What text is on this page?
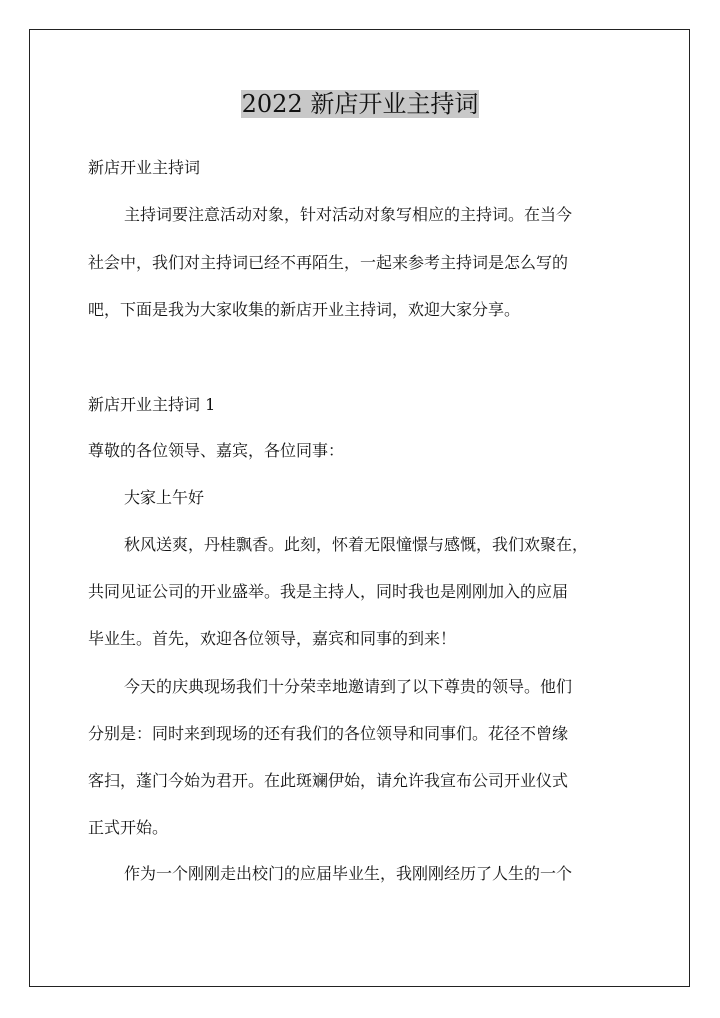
2022 新店开业主持词

新店开业主持词

主持词要注意活动对象，针对活动对象写相应的主持词。在当今

社会中，我们对主持词已经不再陌生，一起来参考主持词是怎么写的

吧，下面是我为大家收集的新店开业主持词，欢迎大家分享。

新店开业主持词 1

尊敬的各位领导、嘉宾，各位同事：

大家上午好

秋风送爽，丹桂飘香。此刻，怀着无限憧憬与感慨，我们欢聚在，

共同见证公司的开业盛举。我是主持人，同时我也是刚刚加入的应届

毕业生。首先，欢迎各位领导，嘉宾和同事的到来！

今天的庆典现场我们十分荣幸地邀请到了以下尊贵的领导。他们

分别是：同时来到现场的还有我们的各位领导和同事们。花径不曾缘

客扫，蓬门今始为君开。在此斑斓伊始，请允许我宣布公司开业仪式

正式开始。

作为一个刚刚走出校门的应届毕业生，我刚刚经历了人生的一个
